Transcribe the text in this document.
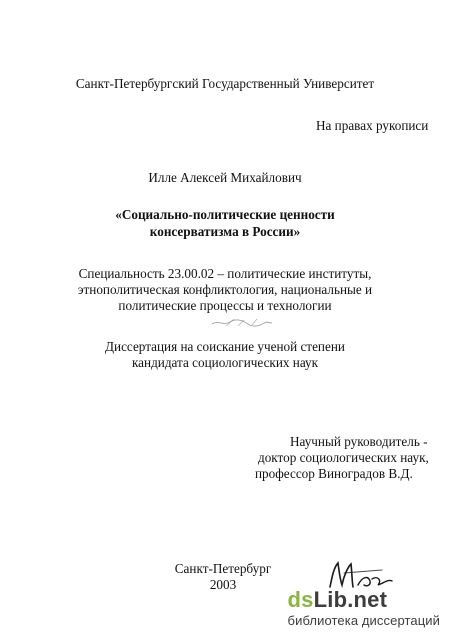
Санкт-Петербургский Государственный Университет
На правах рукописи
Илле Алексей Михайлович
«Социально-политические ценности
консерватизма в России»
Специальность 23.00.02 – политические институты,
этнополитическая конфликтология, национальные и
политические процессы и технологии
Диссертация на соискание ученой степени
кандидата социологических наук
Научный руководитель -
доктор социологических наук,
профессор Виноградов В.Д.
Санкт-Петербург
2003
dsLib.net
библиотека диссертаций
